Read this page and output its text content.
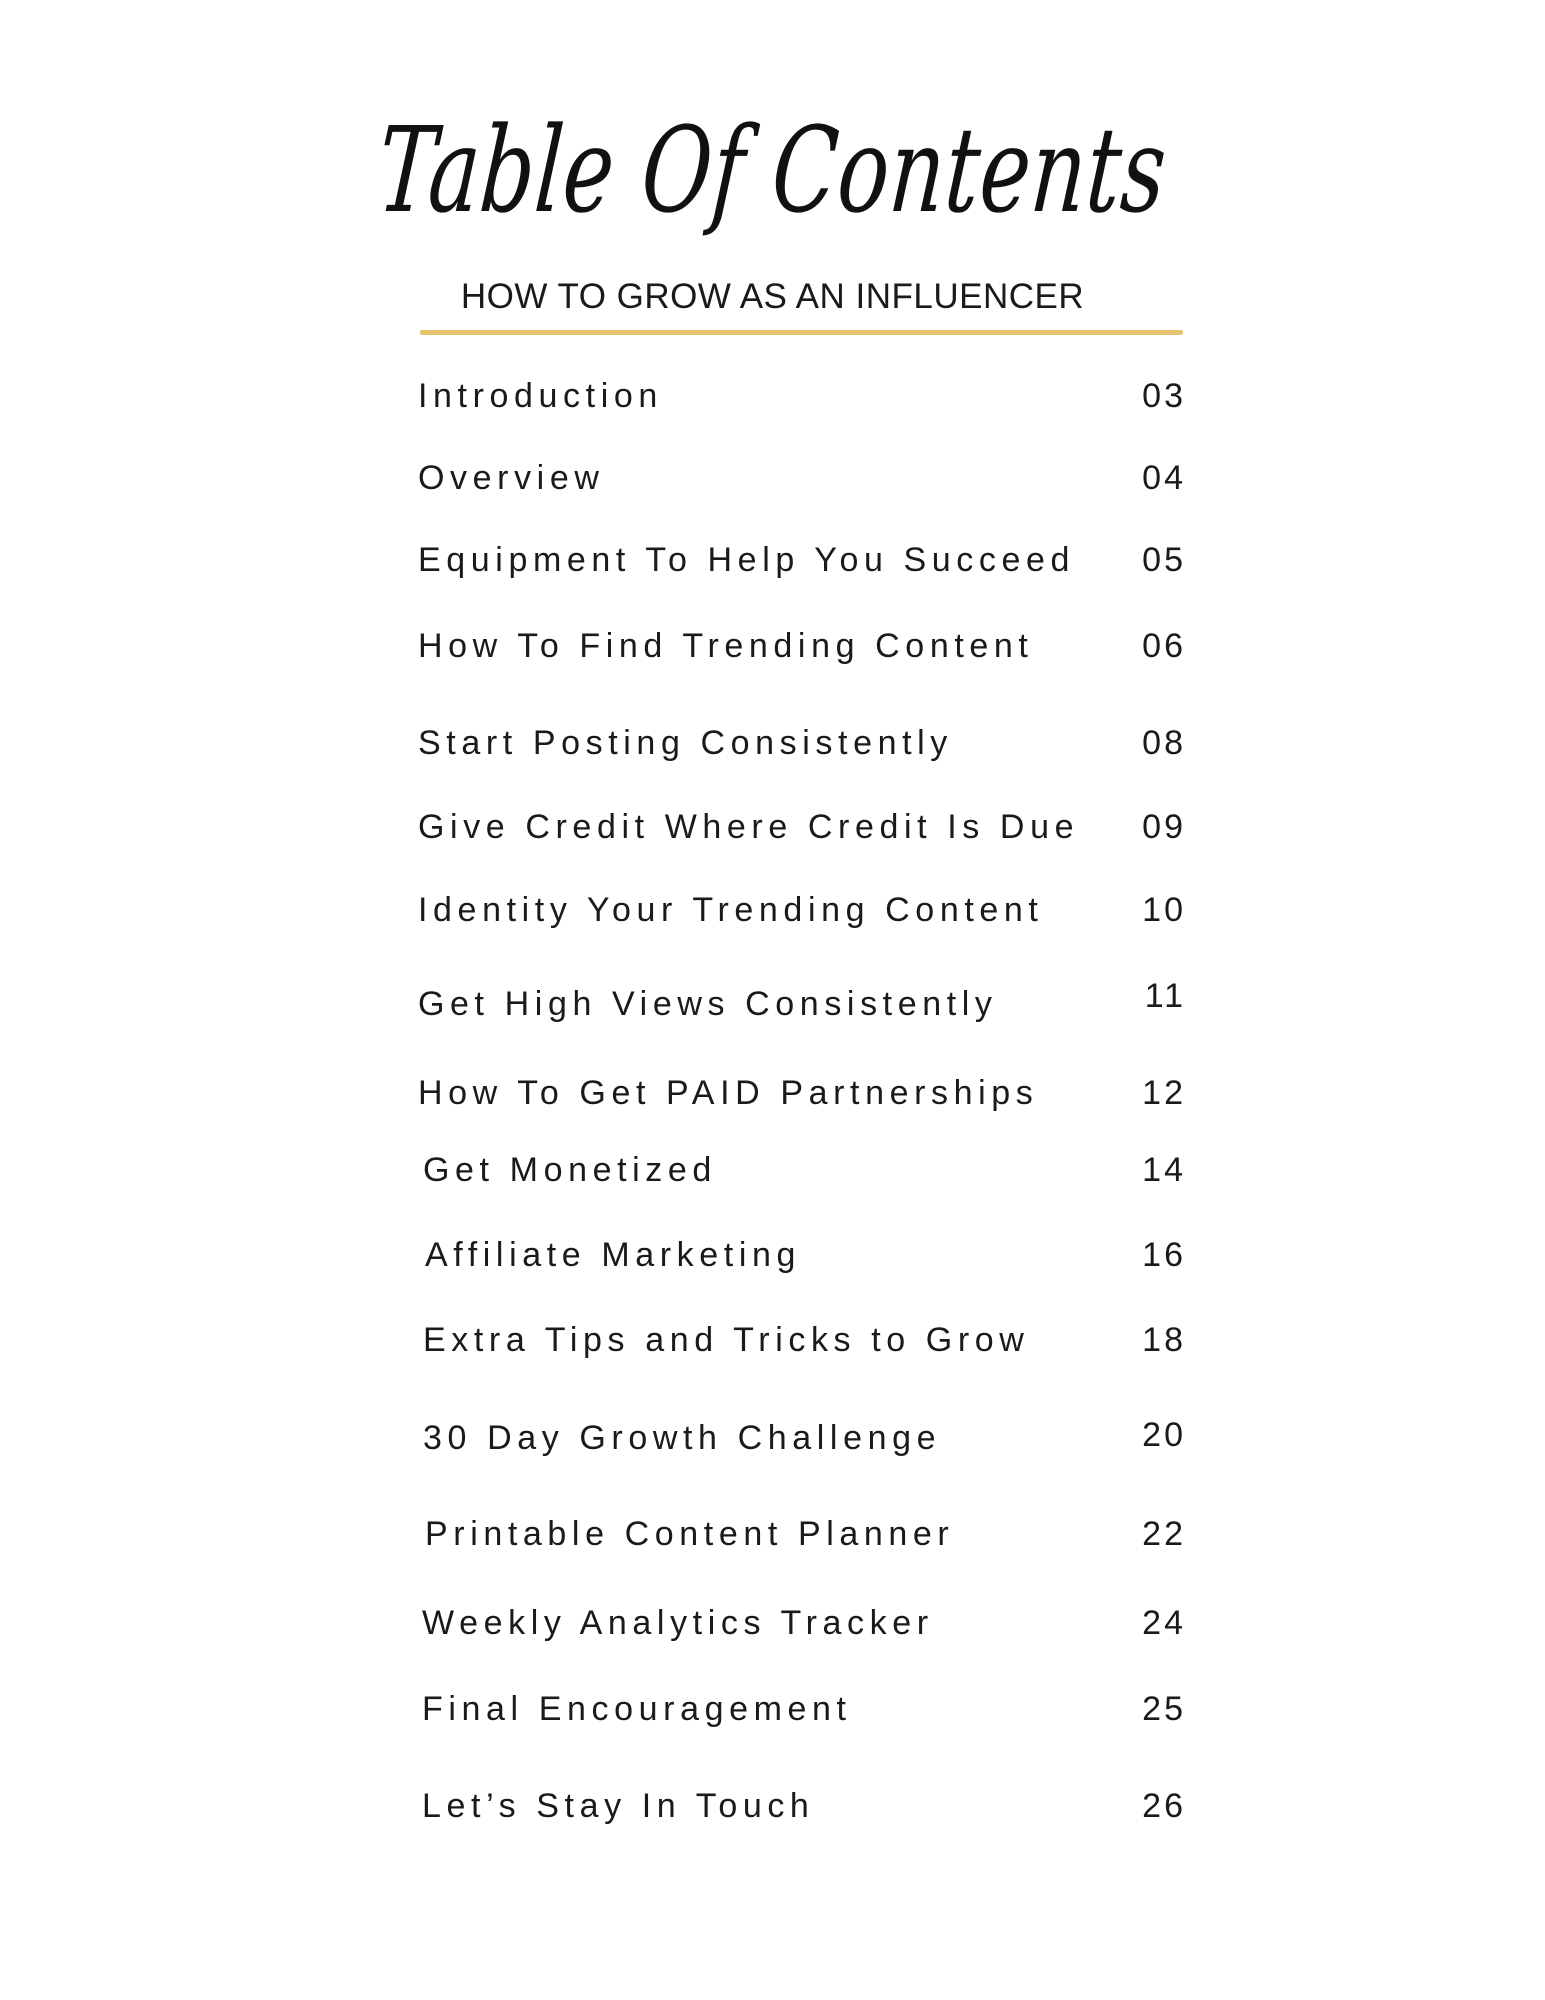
Table Of Contents
HOW TO GROW AS AN INFLUENCER
Introduction	03
Overview	04
Equipment To Help You Succeed 05
How To Find Trending Content	06
Start Posting Consistently	08
Give Credit Where Credit Is Due 09
Identity Your Trending Content	10
Get High Views Consistently	11
How To Get PAID Partnerships	12
Get Monetized	14
Affiliate Marketing	16
Extra Tips and Tricks to Grow	18
30 Day Growth Challenge	20
Printable Content Planner	22
Weekly Analytics Tracker	24
Final Encouragement	25
Let’s Stay In Touch	26
